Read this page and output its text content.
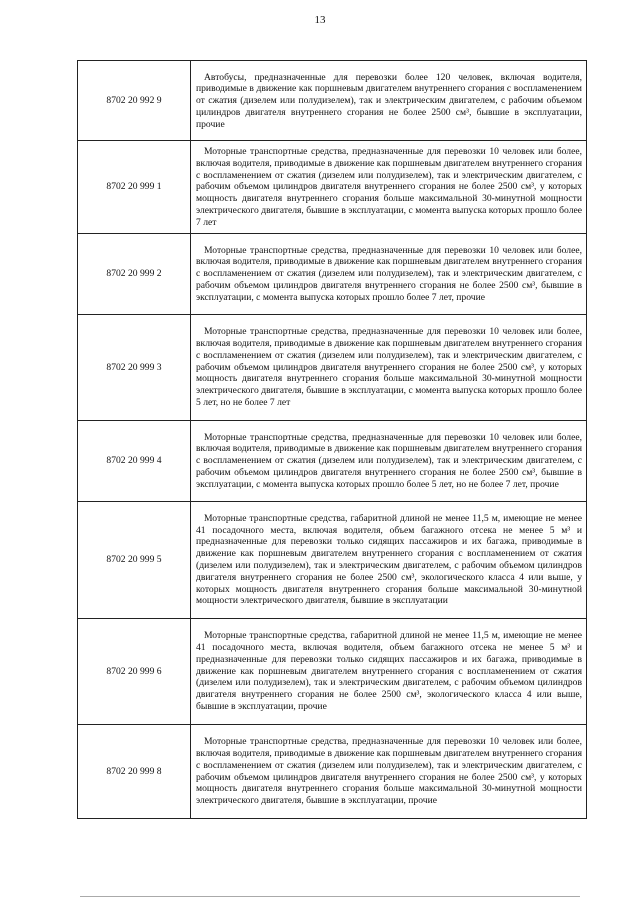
13
8702 20 992 9	Автобусы, предназначенные для перевозки более 120 человек, включая водителя, приводимые в движение как поршневым двигателем внутреннего сгорания с воспламенением от сжатия (дизелем или полудизелем), так и электрическим двигателем, с рабочим объемом цилиндров двигателя внутреннего сгорания не более 2500 см³, бывшие в эксплуатации, прочие

8702 20 999 1	Моторные транспортные средства, предназначенные для перевозки 10 человек или более, включая водителя, приводимые в движение как поршневым двигателем внутреннего сгорания с воспламенением от сжатия (дизелем или полудизелем), так и электрическим двигателем, с рабочим объемом цилиндров двигателя внутреннего сгорания не более 2500 см³, у которых мощность двигателя внутреннего сгорания больше максимальной 30-минутной мощности электрического двигателя, бывшие в эксплуатации, с момента выпуска которых прошло более 7 лет

8702 20 999 2	Моторные транспортные средства, предназначенные для перевозки 10 человек или более, включая водителя, приводимые в движение как поршневым двигателем внутреннего сгорания с воспламенением от сжатия (дизелем или полудизелем), так и электрическим двигателем, с рабочим объемом цилиндров двигателя внутреннего сгорания не более 2500 см³, бывшие в эксплуатации, с момента выпуска которых прошло более 7 лет, прочие

8702 20 999 3	Моторные транспортные средства, предназначенные для перевозки 10 человек или более, включая водителя, приводимые в движение как поршневым двигателем внутреннего сгорания с воспламенением от сжатия (дизелем или полудизелем), так и электрическим двигателем, с рабочим объемом цилиндров двигателя внутреннего сгорания не более 2500 см³, у которых мощность двигателя внутреннего сгорания больше максимальной 30-минутной мощности электрического двигателя, бывшие в эксплуатации, с момента выпуска которых прошло более 5 лет, но не более 7 лет

8702 20 999 4	Моторные транспортные средства, предназначенные для перевозки 10 человек или более, включая водителя, приводимые в движение как поршневым двигателем внутреннего сгорания с воспламенением от сжатия (дизелем или полудизелем), так и электрическим двигателем, с рабочим объемом цилиндров двигателя внутреннего сгорания не более 2500 см³, бывшие в эксплуатации, с момента выпуска которых прошло более 5 лет, но не более 7 лет, прочие

8702 20 999 5	Моторные транспортные средства, габаритной длиной не менее 11,5 м, имеющие не менее 41 посадочного места, включая водителя, объем багажного отсека не менее 5 м³ и предназначенные для перевозки только сидящих пассажиров и их багажа, приводимые в движение как поршневым двигателем внутреннего сгорания с воспламенением от сжатия (дизелем или полудизелем), так и электрическим двигателем, с рабочим объемом цилиндров двигателя внутреннего сгорания не более 2500 см³, экологического класса 4 или выше, у которых мощность двигателя внутреннего сгорания больше максимальной 30-минутной мощности электрического двигателя, бывшие в эксплуатации

8702 20 999 6	Моторные транспортные средства, габаритной длиной не менее 11,5 м, имеющие не менее 41 посадочного места, включая водителя, объем багажного отсека не менее 5 м³ и предназначенные для перевозки только сидящих пассажиров и их багажа, приводимые в движение как поршневым двигателем внутреннего сгорания с воспламенением от сжатия (дизелем или полудизелем), так и электрическим двигателем, с рабочим объемом цилиндров двигателя внутреннего сгорания не более 2500 см³, экологического класса 4 или выше, бывшие в эксплуатации, прочие

8702 20 999 8	Моторные транспортные средства, предназначенные для перевозки 10 человек или более, включая водителя, приводимые в движение как поршневым двигателем внутреннего сгорания с воспламенением от сжатия (дизелем или полудизелем), так и электрическим двигателем, с рабочим объемом цилиндров двигателя внутреннего сгорания не более 2500 см³, у которых мощность двигателя внутреннего сгорания больше максимальной 30-минутной мощности электрического двигателя, бывшие в эксплуатации, прочие
